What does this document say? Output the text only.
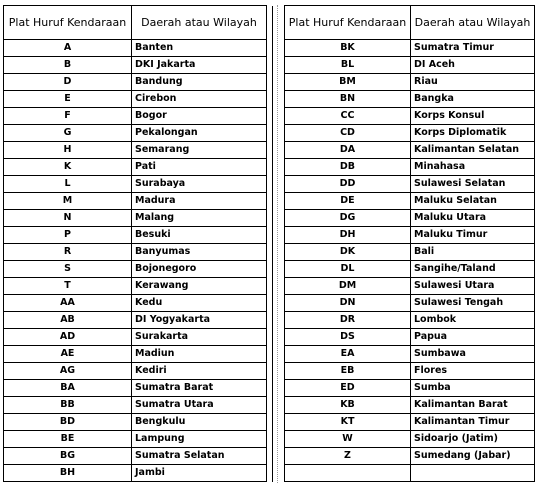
Plat Huruf Kendaraan	Daerah atau Wilayah	
A	Banten	
B	DKI Jakarta	
D	Bandung	
E	Cirebon	
F	Bogor	
G	Pekalongan	
H	Semarang	
K	Pati	
L	Surabaya	
M	Madura	
N	Malang	
P	Besuki	
R	Banyumas	
S	Bojonegoro	
T	Kerawang	
AA	Kedu	
AB	DI Yogyakarta	
AD	Surakarta	
AE	Madiun	
AG	Kediri	
BA	Sumatra Barat	
BB	Sumatra Utara	
BD	Bengkulu	
BE	Lampung	
BG	Sumatra Selatan	
BH	Jambi	
Plat Huruf Kendaraan	Daerah atau Wilayah
BK	Sumatra Timur
BL	DI Aceh
BM	Riau
BN	Bangka
CC	Korps Konsul
CD	Korps Diplomatik
DA	Kalimantan Selatan
DB	Minahasa
DD	Sulawesi Selatan
DE	Maluku Selatan
DG	Maluku Utara
DH	Maluku Timur
DK	Bali
DL	Sangihe/Taland
DM	Sulawesi Utara
DN	Sulawesi Tengah
DR	Lombok
DS	Papua
EA	Sumbawa
EB	Flores
ED	Sumba
KB	Kalimantan Barat
KT	Kalimantan Timur
W	Sidoarjo (Jatim)
Z	Sumedang (Jabar)
